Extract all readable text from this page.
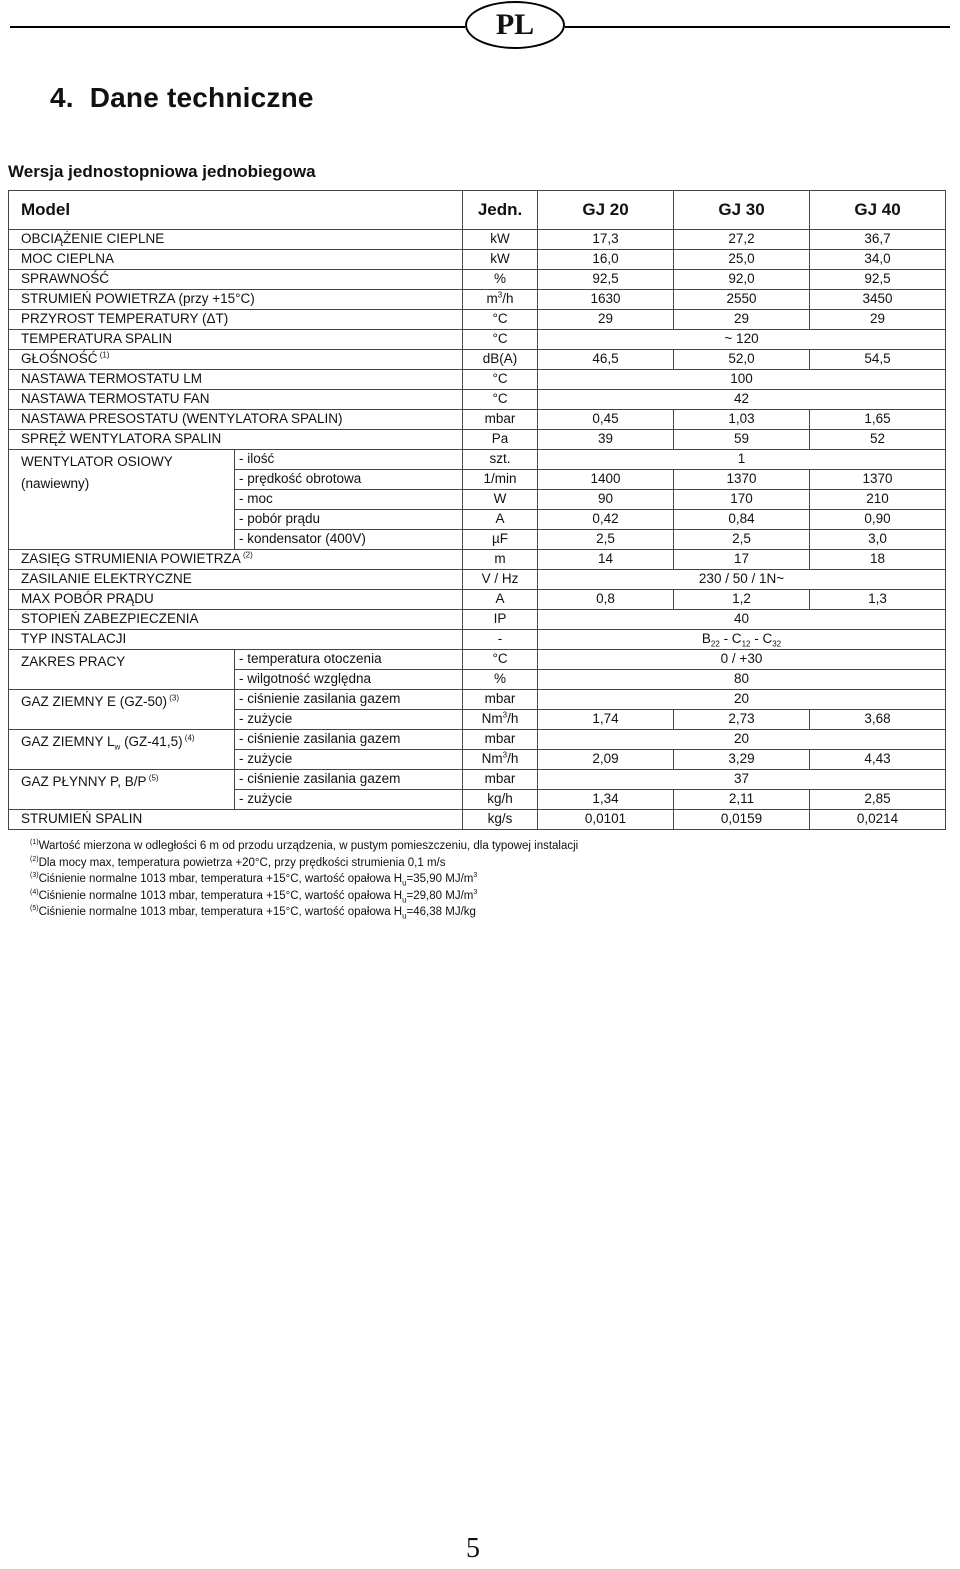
PL
4. Dane techniczne
Wersja jednostopniowa jednobiegowa
Model		Jedn.	GJ 20	GJ 30	GJ 40
OBCIĄŻENIE CIEPLNE		kW	17,3	27,2	36,7
MOC CIEPLNA		kW	16,0	25,0	34,0
SPRAWNOŚĆ		%	92,5	92,0	92,5
STRUMIEŃ POWIETRZA (przy +15°C)		$m^3/h$	1630	2550	3450
PRZYROST TEMPERATURY (ΔT)		°C	29	29	29
TEMPERATURA SPALIN		°C	~ 120		
GŁOŚNOŚĆ $^{(1)}$		dB(A)	46,5	52,0	54,5
NASTAWA TERMOSTATU LM		°C	100		
NASTAWA TERMOSTATU FAN		°C	42		
NASTAWA PRESOSTATU (WENTYLATORA SPALIN)		mbar	0,45	1,03	1,65
SPRĘŻ WENTYLATORA SPALIN		Pa	39	59	52

WENTYLATOR OSIOWY
(nawiewny)	- ilość	szt.	1		
	- prędkość obrotowa	1/min	1400	1370	1370
	- moc	W	90	170	210
	- pobór prądu	A	0,42	0,84	0,90
	- kondensator (400V)	µF	2,5	2,5	3,0
ZASIĘG STRUMIENIA POWIETRZA $^{(2)}$		m	14	17	18
ZASILANIE ELEKTRYCZNE		V / Hz	230 / 50 / 1N~		
MAX POBÓR PRĄDU		A	0,8	1,2	1,3
STOPIEŃ ZABEZPIECZENIA		IP	40		
TYP INSTALACJI		-	$B_{22} - C_{12} - C_{32}$

ZAKRES PRACY	- temperatura otoczenia	°C	0 / +30		
	- wilgotność względna	%	80		

GAZ ZIEMNY E (GZ-50) $^{(3)}$	- ciśnienie zasilania gazem	mbar	20		
	- zużycie	Nm$^3$/h	1,74	2,73	3,68

GAZ ZIEMNY $L_w$ (GZ-41,5) $^{(4)}$	- ciśnienie zasilania gazem	mbar	20		
	- zużycie	Nm$^3$/h	2,09	3,29	4,43

GAZ PŁYNNY P, B/P $^{(5)}$	- ciśnienie zasilania gazem	mbar	37		
	- zużycie	kg/h	1,34	2,11	2,85
STRUMIEŃ SPALIN		kg/s	0,0101	0,0159	0,0214
$^{(1)}$Wartość mierzona w odległości 6 m od przodu urządzenia, w pustym pomieszczeniu, dla typowej instalacji
$^{(2)}$Dla mocy max, temperatura powietrza +20°C, przy prędkości strumienia 0,1 m/s
$^{(3)}$Ciśnienie normalne 1013 mbar, temperatura +15°C, wartość opałowa $H_u=35,90$ $MJ/m^3$
$^{(4)}$Ciśnienie normalne 1013 mbar, temperatura +15°C, wartość opałowa $H_u=29,80$ $MJ/m^3$
$^{(5)}$Ciśnienie normalne 1013 mbar, temperatura +15°C, wartość opałowa $H_u=46,38$ MJ/kg

5
